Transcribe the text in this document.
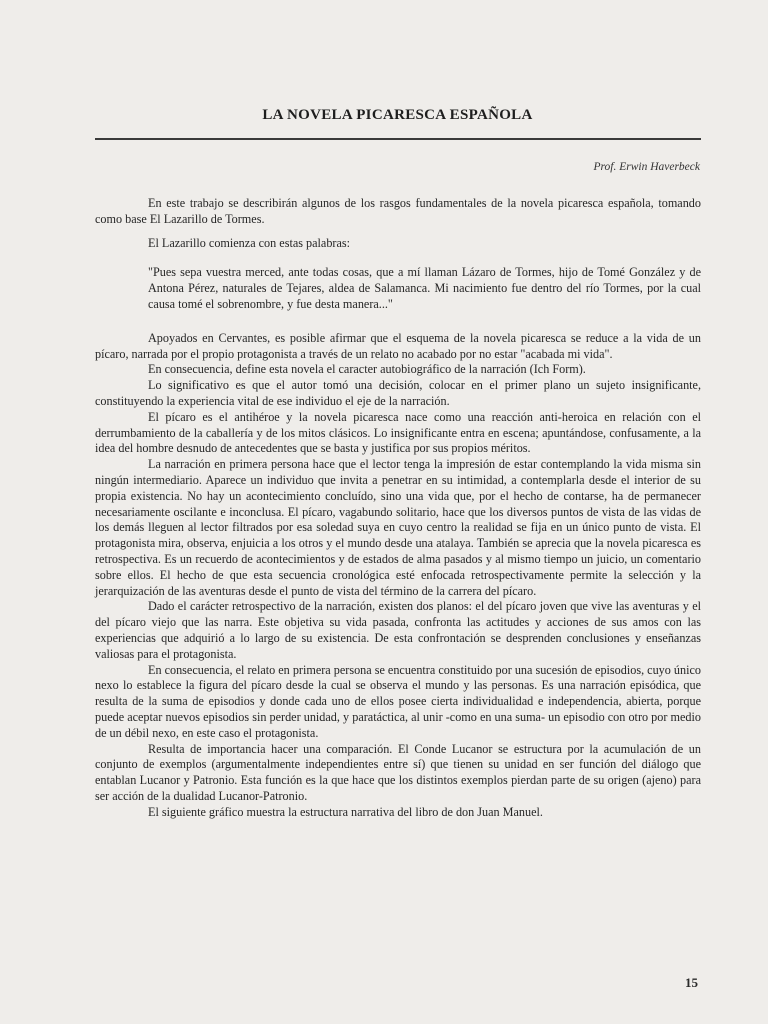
LA NOVELA PICARESCA ESPAÑOLA
Prof. Erwin Haverbeck

En este trabajo se describirán algunos de los rasgos fundamentales de la novela picaresca española, tomando como base El Lazarillo de Tormes.

El Lazarillo comienza con estas palabras:

"Pues sepa vuestra merced, ante todas cosas, que a mí llaman Lázaro de Tormes, hijo de Tomé González y de Antona Pérez, naturales de Tejares, aldea de Salamanca. Mi nacimiento fue dentro del río Tormes, por la cual causa tomé el sobrenombre, y fue desta manera..."

Apoyados en Cervantes, es posible afirmar que el esquema de la novela picaresca se reduce a la vida de un pícaro, narrada por el propio protagonista a través de un relato no acabado por no estar "acabada mi vida".

En consecuencia, define esta novela el caracter autobiográfico de la narración (Ich Form).

Lo significativo es que el autor tomó una decisión, colocar en el primer plano un sujeto insignificante, constituyendo la experiencia vital de ese individuo el eje de la narración.

El pícaro es el antihéroe y la novela picaresca nace como una reacción anti-heroica en relación con el derrumbamiento de la caballería y de los mitos clásicos. Lo insignificante entra en escena; apuntándose, confusamente, a la idea del hombre desnudo de antecedentes que se basta y justifica por sus propios méritos.

La narración en primera persona hace que el lector tenga la impresión de estar contemplando la vida misma sin ningún intermediario. Aparece un individuo que invita a penetrar en su intimidad, a contemplarla desde el interior de su propia existencia. No hay un acontecimiento concluído, sino una vida que, por el hecho de contarse, ha de permanecer necesariamente oscilante e inconclusa. El pícaro, vagabundo solitario, hace que los diversos puntos de vista de las vidas de los demás lleguen al lector filtrados por esa soledad suya en cuyo centro la realidad se fija en un único punto de vista. El protagonista mira, observa, enjuicia a los otros y el mundo desde una atalaya. También se aprecia que la novela picaresca es retrospectiva. Es un recuerdo de acontecimientos y de estados de alma pasados y al mismo tiempo un juicio, un comentario sobre ellos. El hecho de que esta secuencia cronológica esté enfocada retrospectivamente permite la selección y la jerarquización de las aventuras desde el punto de vista del término de la carrera del pícaro.

Dado el carácter retrospectivo de la narración, existen dos planos: el del pícaro joven que vive las aventuras y el del pícaro viejo que las narra. Este objetiva su vida pasada, confronta las actitudes y acciones de sus amos con las experiencias que adquirió a lo largo de su existencia. De esta confrontación se desprenden conclusiones y enseñanzas valiosas para el protagonista.

En consecuencia, el relato en primera persona se encuentra constituido por una sucesión de episodios, cuyo único nexo lo establece la figura del pícaro desde la cual se observa el mundo y las personas. Es una narración episódica, que resulta de la suma de episodios y donde cada uno de ellos posee cierta individualidad e independencia, abierta, porque puede aceptar nuevos episodios sin perder unidad, y paratáctica, al unir -como en una suma- un episodio con otro por medio de un débil nexo, en este caso el protagonista.

Resulta de importancia hacer una comparación. El Conde Lucanor se estructura por la acumulación de un conjunto de exemplos (argumentalmente independientes entre sí) que tienen su unidad en ser función del diálogo que entablan Lucanor y Patronio. Esta función es la que hace que los distintos exemplos pierdan parte de su origen (ajeno) para ser acción de la dualidad Lucanor-Patronio.

El siguiente gráfico muestra la estructura narrativa del libro de don Juan Manuel.

15
